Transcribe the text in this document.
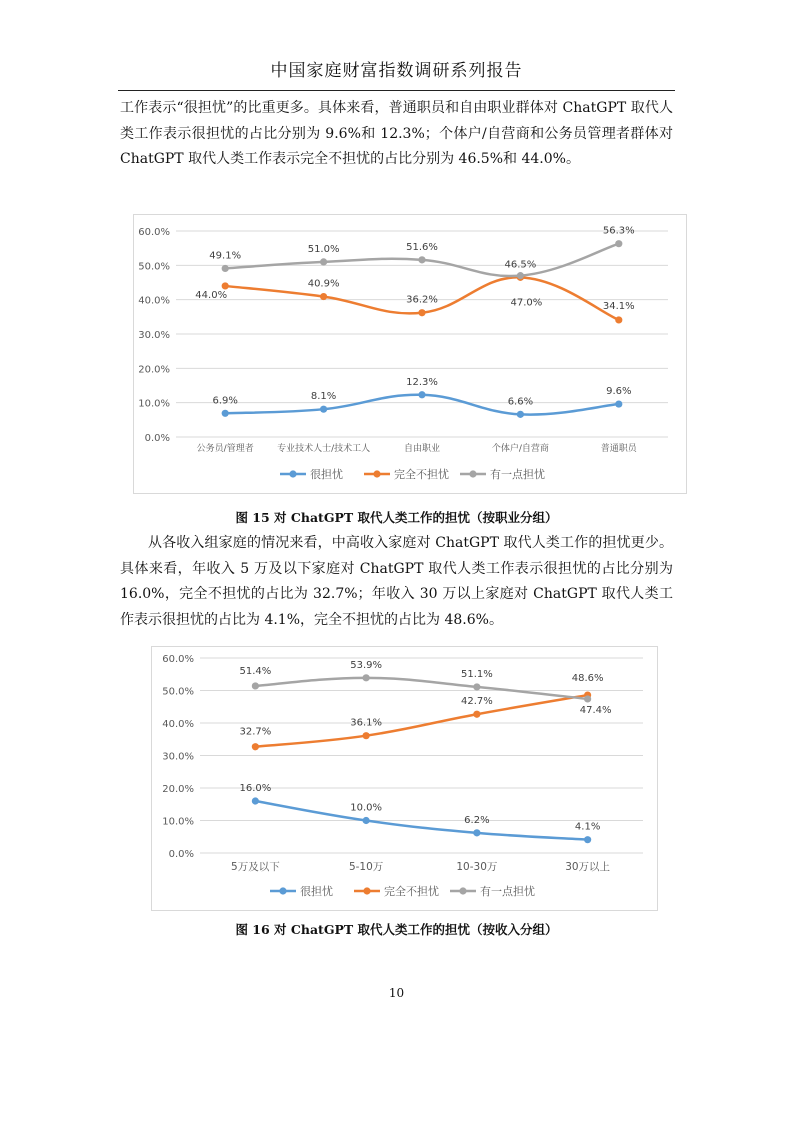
中国家庭财富指数调研系列报告

工作表示“很担忧”的比重更多。具体来看，普通职员和自由职业群体对 ChatGPT 取代人类工作表示很担忧的占比分别为 9.6%和 12.3%；个体户/自营商和公务员管理者群体对 ChatGPT 取代人类工作表示完全不担忧的占比分别为 46.5%和 44.0%。

0.0%
10.0%
20.0%
30.0%
40.0%
50.0%
60.0%
公务员/管理者	专业技术人士/技术工人	自由职业	个体户/自营商	普通职员
6.9%	8.1%
12.3%
6.6%
9.6%
44.0%
40.9%
36.2%
46.5%
34.1%
49.1%
51.0%	51.6%
47.0%
56.3%
很担忧	完全不担忧	有一点担忧
图 15 对 ChatGPT 取代人类工作的担忧（按职业分组）

从各收入组家庭的情况来看，中高收入家庭对 ChatGPT 取代人类工作的担忧更少。具体来看，年收入 5 万及以下家庭对 ChatGPT 取代人类工作表示很担忧的占比分别为 16.0%，完全不担忧的占比为 32.7%；年收入 30 万以上家庭对 ChatGPT 取代人类工作表示很担忧的占比为 4.1%，完全不担忧的占比为 48.6%。

0.0%
10.0%
20.0%
30.0%
40.0%
50.0%
60.0%
5万及以下	5-10万	10-30万	30万以上
16.0%
10.0%
6.2%
4.1%
32.7%
36.1%
42.7%
48.6%
51.4%
53.9%
51.1%
47.4%
很担忧	完全不担忧	有一点担忧
图 16 对 ChatGPT 取代人类工作的担忧（按收入分组）
10
